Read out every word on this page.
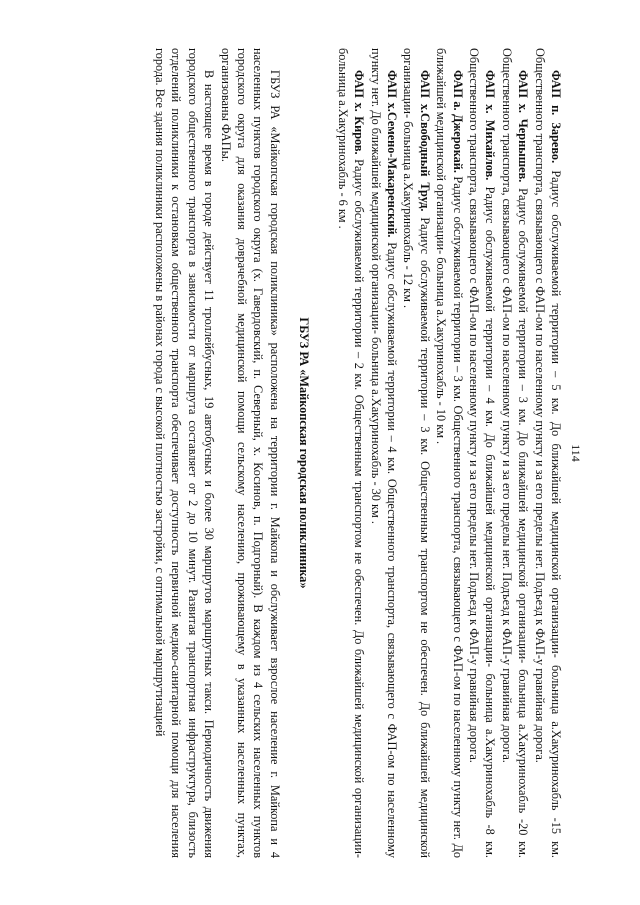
114

ФАП п. Зарево. Радиус обслуживаемой территории – 5 км. До ближайшей медицинской организации- больница а.Хакуринохабль -15 км. Общественного транспорта, связывающего с ФАП-ом по населенному пункту и за его пределы нет. Подъезд к ФАП-у гравийная дорога.

ФАП х. Чернышев. Радиус обслуживаемой территории – 3 км. До ближайшей медицинской организации- больница а.Хакуринохабль -20 км. Общественного транспорта, связывающего с ФАП-ом по населенному пункту и за его пределы нет. Подъезд к ФАП-у гравийная дорога.

ФАП х. Михайлов. Радиус обслуживаемой территории – 4 км. До ближайшей медицинской организации- больница а.Хакуринохабль -8 км. Общественного транспорта, связывающего с ФАП-ом по населенному пункту и за его пределы нет. Подъезд к ФАП-у гравийная дорога.

ФАП а. Джерокай. Радиус обслуживаемой территории – 3 км. Общественного транспорта, связывающего с ФАП-ом по населенному пункту нет. До ближайшей медицинской организации- больница а.Хакуринохабль - 10 км .

ФАП х.Свободный Труд. Радиус обслуживаемой территории – 3 км. Общественным транспортом не обеспечен. До ближайшей медицинской организации- больница а.Хакуринохабль - 12 км .

ФАП х.Семено-Макаренский. Радиус обслуживаемой территории – 4 км. Общественного транспорта, связывающего с ФАП-ом по населенному пункту нет. До ближайшей медицинской организации- больница а.Хакуринохабль - 30 км .

ФАП х. Киров. Радиус обслуживаемой территории – 2 км. Общественным транспортом не обеспечен. До ближайшей медицинской организации- больница а.Хакуринохабль - 6 км .

ГБУЗ РА «Майкопская городская поликлиника»

ГБУЗ РА «Майкопская городская поликлиника» расположена на территории г. Майкопа и обслуживает взрослое население г. Майкопа и 4 населенных пунктов городского округа (х. Гавердовский, п. Северный, х. Косинов, п. Подгорный). В каждом из 4 сельских населенных пунктов городского округа для оказания доврачебной медицинской помощи сельскому населению, проживающему в указанных населенных пунктах, организованы ФАПы.

В настоящее время в городе действует 11 троллейбусных, 19 автобусных и более 30 маршрутов маршрутных такси. Периодичность движения городского общественного транспорта в зависимости от маршрута составляет от 2 до 10 минут. Развитая транспортная инфраструктура, близость отделений поликлиники к остановкам общественного транспорта обеспечивает доступность первичной медико-санитарной помощи для населения города. Все здания поликлиники расположены в районах города с высокой плотностью застройки, с оптимальной маршрутизацией
